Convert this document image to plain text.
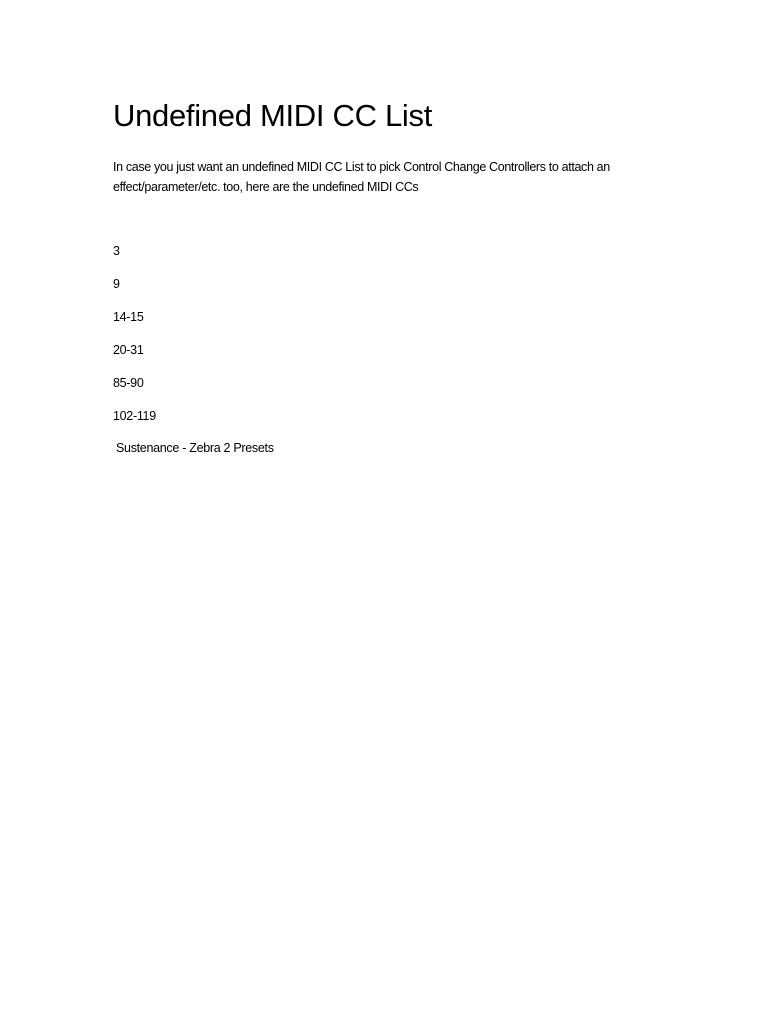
Undefined MIDI CC List

In case you just want an undefined MIDI CC List to pick Control Change Controllers to attach an effect/parameter/etc. too, here are the undefined MIDI CCs

3
9
14-15
20-31
85-90
102-119
Sustenance - Zebra 2 Presets
